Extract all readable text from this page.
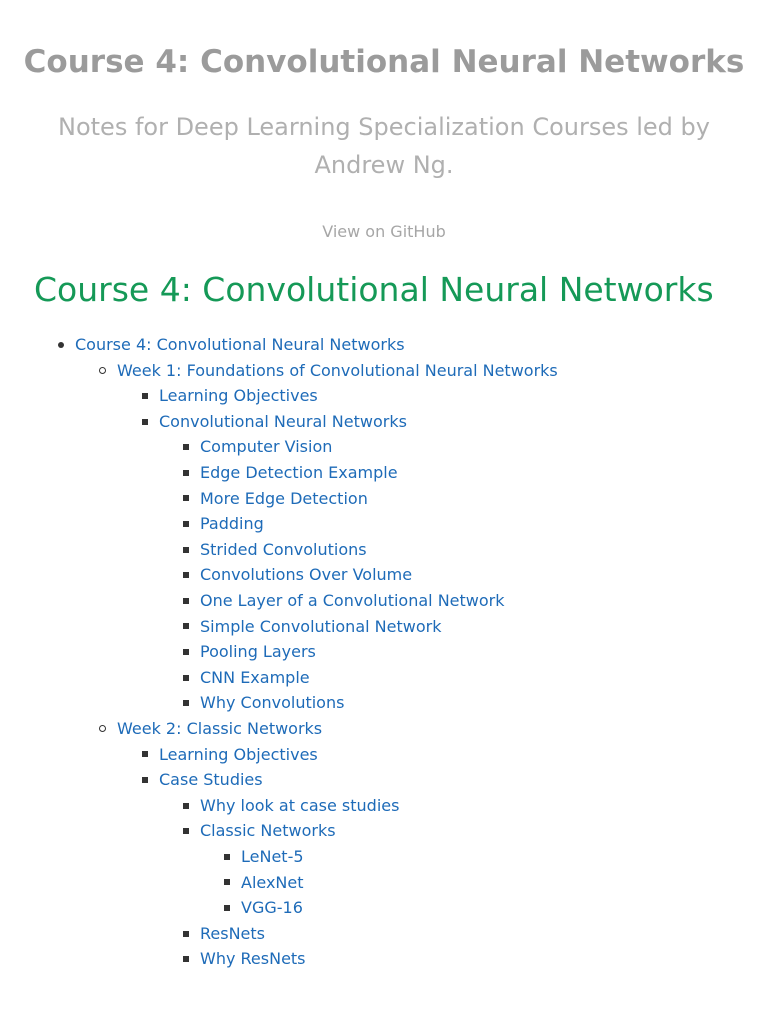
Course 4: Convolutional Neural Networks
Notes for Deep Learning Specialization Courses led by Andrew Ng.
View on GitHub
Course 4: Convolutional Neural Networks
Course 4: Convolutional Neural Networks
Week 1: Foundations of Convolutional Neural Networks
Learning Objectives
Convolutional Neural Networks
Computer Vision
Edge Detection Example
More Edge Detection
Padding
Strided Convolutions
Convolutions Over Volume
One Layer of a Convolutional Network
Simple Convolutional Network
Pooling Layers
CNN Example
Why Convolutions
Week 2: Classic Networks
Learning Objectives
Case Studies
Why look at case studies
Classic Networks
LeNet-5
AlexNet
VGG-16
ResNets
Why ResNets
